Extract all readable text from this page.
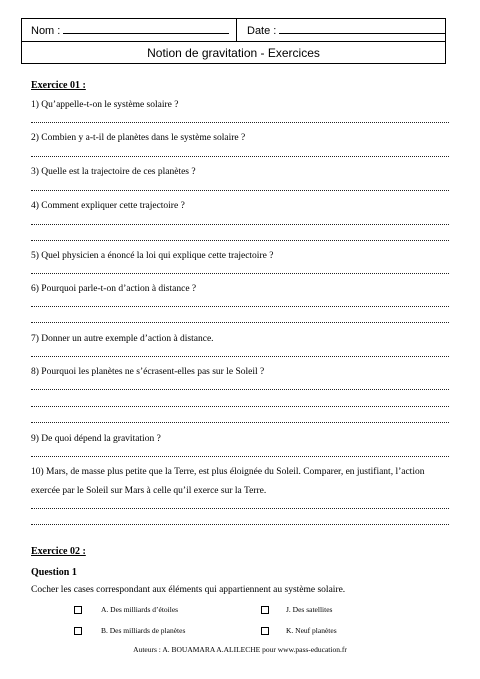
Nom :	Date :
Notion de gravitation - Exercices
Exercice 01 :
1) Qu’appelle-t-on le système solaire ?
2) Combien y a-t-il de planètes dans le système solaire ?
3) Quelle est la trajectoire de ces planètes ?
4) Comment expliquer cette trajectoire ?
5) Quel physicien a énoncé la loi qui explique cette trajectoire ?
6) Pourquoi parle-t-on d’action à distance ?
7) Donner un autre exemple d’action à distance.
8) Pourquoi les planètes ne s’écrasent-elles pas sur le Soleil ?
9) De quoi dépend la gravitation ?
10) Mars, de masse plus petite que la Terre, est plus éloignée du Soleil. Comparer, en justifiant, l’action
exercée par le Soleil sur Mars à celle qu’il exerce sur la Terre.
Exercice 02 :
Question 1
Cocher les cases correspondant aux éléments qui appartiennent au système solaire.
A. Des milliards d’étoiles	J. Des satellites
B. Des milliards de planètes	K. Neuf planètes
Auteurs : A. BOUAMARA A.ALILECHE pour www.pass-education.fr
